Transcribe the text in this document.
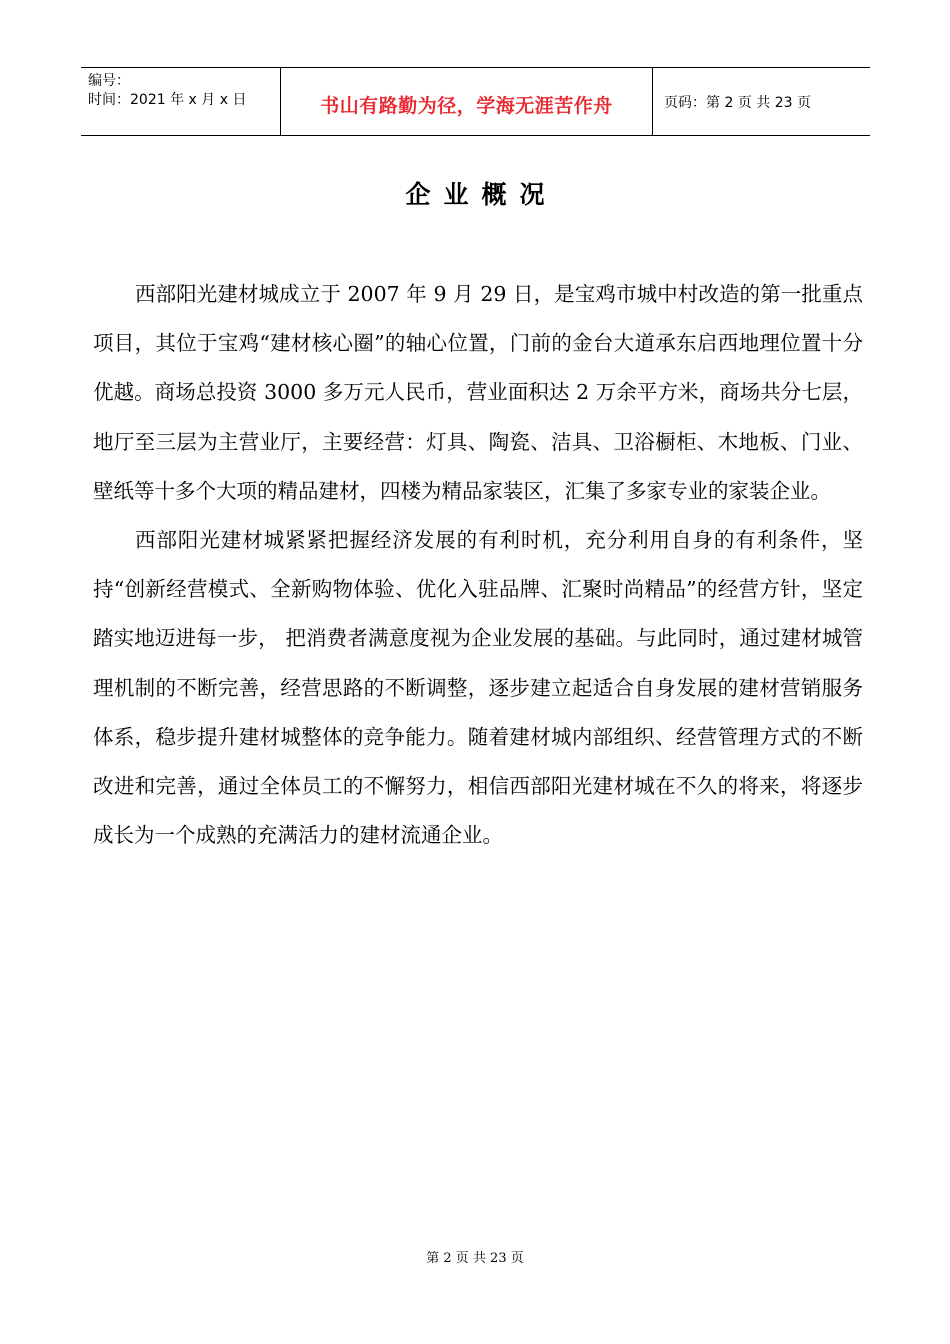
编号：
时间：2021 年 x 月 x 日	书山有路勤为径，学海无涯苦作舟	页码：第 2 页 共 23 页
企业概况

西部阳光建材城成立于 2007 年 9 月 29 日，是宝鸡市城中村改造的第一批重点项目，其位于宝鸡“建材核心圈”的轴心位置，门前的金台大道承东启西地理位置十分优越。商场总投资 3000 多万元人民币，营业面积达 2 万余平方米，商场共分七层，地厅至三层为主营业厅，主要经营：灯具、陶瓷、洁具、卫浴橱柜、木地板、门业、壁纸等十多个大项的精品建材，四楼为精品家装区，汇集了多家专业的家装企业。

西部阳光建材城紧紧把握经济发展的有利时机，充分利用自身的有利条件，坚持“创新经营模式、全新购物体验、优化入驻品牌、汇聚时尚精品”的经营方针，坚定踏实地迈进每一步， 把消费者满意度视为企业发展的基础。与此同时，通过建材城管理机制的不断完善，经营思路的不断调整，逐步建立起适合自身发展的建材营销服务体系，稳步提升建材城整体的竞争能力。随着建材城内部组织、经营管理方式的不断改进和完善，通过全体员工的不懈努力，相信西部阳光建材城在不久的将来，将逐步成长为一个成熟的充满活力的建材流通企业。

第 2 页 共 23 页
